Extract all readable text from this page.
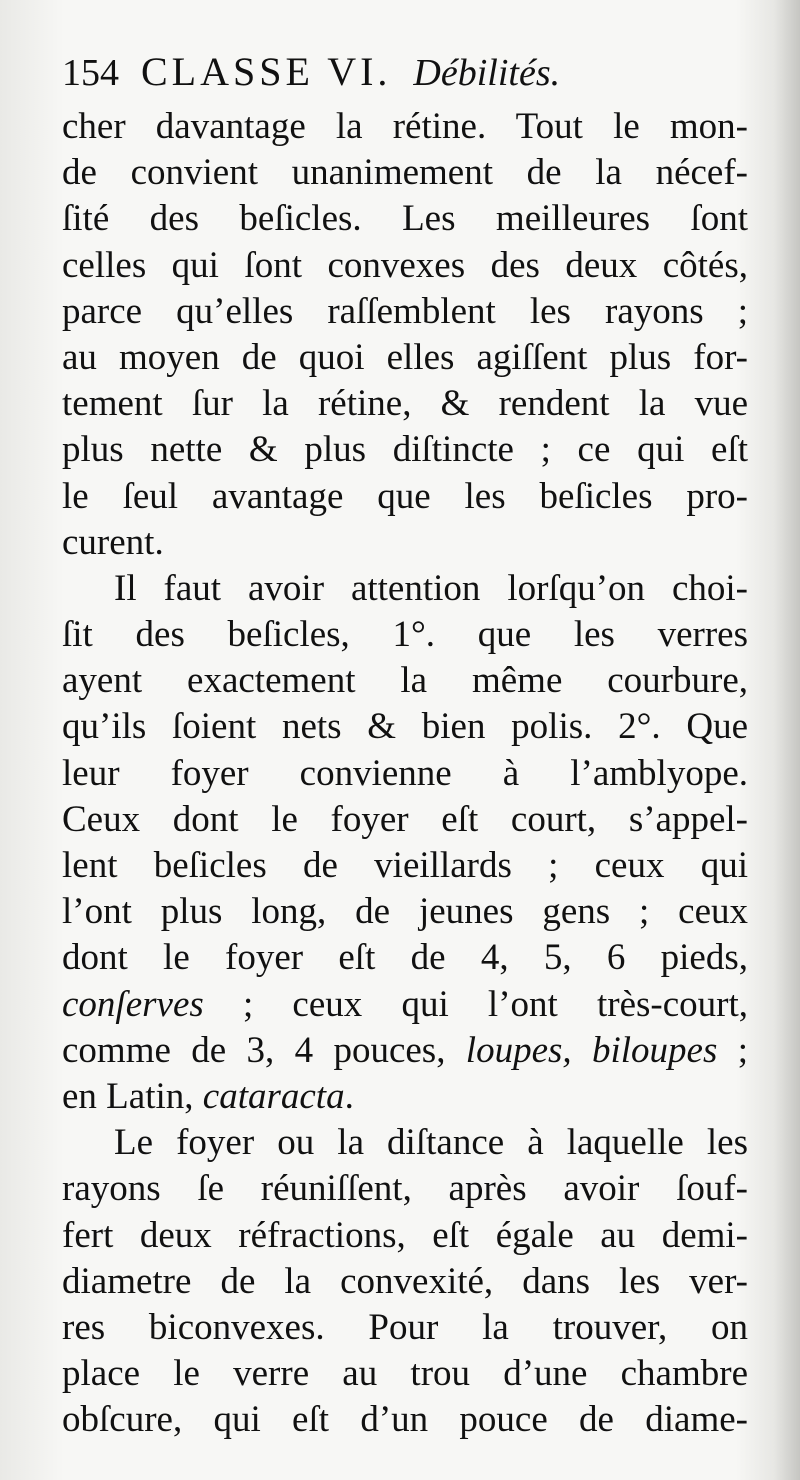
154 CLASSE VI. Débilités.
cher davantage la rétine. Tout le mon-
de convient unanimement de la nécef-
ſité des beſicles. Les meilleures ſont
celles qui ſont convexes des deux côtés,
parce qu’elles raſſemblent les rayons ;
au moyen de quoi elles agiſſent plus for-
tement ſur la rétine, & rendent la vue
plus nette & plus diſtincte ; ce qui eſt
le ſeul avantage que les beſicles pro-
curent.
Il faut avoir attention lorſqu’on choi-
ſit des beſicles, 1°. que les verres
ayent exactement la même courbure,
qu’ils ſoient nets & bien polis. 2°. Que
leur foyer convienne à l’amblyope.
Ceux dont le foyer eſt court, s’appel-
lent beſicles de vieillards ; ceux qui
l’ont plus long, de jeunes gens ; ceux
dont le foyer eſt de 4, 5, 6 pieds,
conſerves ; ceux qui l’ont très-court,
comme de 3, 4 pouces, loupes, biloupes ;
en Latin, cataracta.
Le foyer ou la diſtance à laquelle les
rayons ſe réuniſſent, après avoir ſouf-
fert deux réfractions, eſt égale au demi-
diametre de la convexité, dans les ver-
res biconvexes. Pour la trouver, on
place le verre au trou d’une chambre
obſcure, qui eſt d’un pouce de diame-
